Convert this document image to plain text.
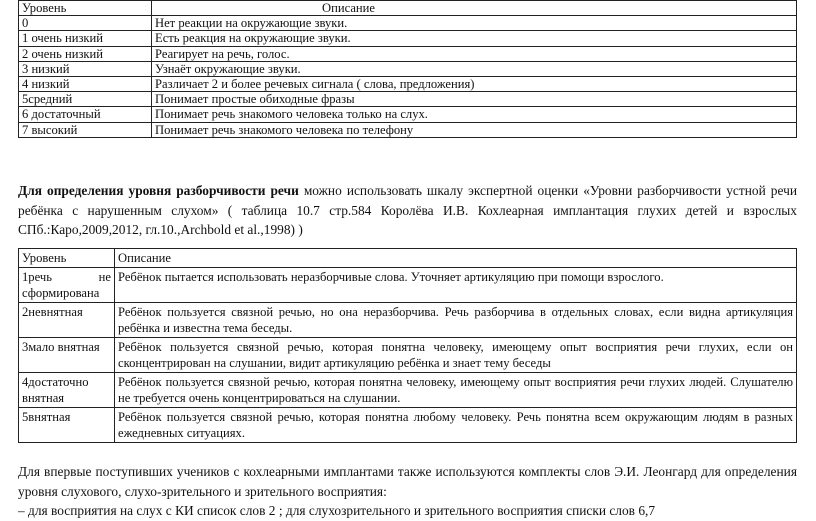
Уровень	Описание
0	Нет реакции на окружающие звуки.
1 очень низкий	Есть реакция на окружающие звуки.
2 очень низкий	Реагирует на речь, голос.
3 низкий	Узнаёт окружающие звуки.
4 низкий	Различает 2 и более речевых сигнала ( слова, предложения)
5средний	Понимает простые обиходные фразы
6 достаточный	Понимает речь знакомого человека только на слух.
7 высокий	Понимает речь знакомого человека по телефону
Для определения уровня разборчивости речи можно использовать шкалу экспертной оценки «Уровни разборчивости устной речи ребёнка с нарушенным слухом» ( таблица 10.7 стр.584 Королёва И.В. Кохлеарная имплантация глухих детей и взрослых СПб.:Каро,2009,2012, гл.10.,Archbold et al.,1998) )
Уровень	Описание

1речь не
сформирована	Ребёнок пытается использовать неразборчивые слова. Уточняет артикуляцию при помощи взрослого.
2невнятная	Ребёнок пользуется связной речью, но она неразборчива. Речь разборчива в отдельных словах, если видна артикуляция ребёнка и известна тема беседы.
3мало внятная	Ребёнок пользуется связной речью, которая понятна человеку, имеющему опыт восприятия речи глухих, если он сконцентрирован на слушании, видит артикуляцию ребёнка и знает тему беседы
4достаточно внятная	Ребёнок пользуется связной речью, которая понятна человеку, имеющему опыт восприятия речи глухих людей. Слушателю не требуется очень концентрироваться на слушании.
5внятная	Ребёнок пользуется связной речью, которая понятна любому человеку. Речь понятна всем окружающим людям в разных ежедневных ситуациях.
Для впервые поступивших учеников с кохлеарными имплантами также используются комплекты слов Э.И. Леонгард для определения уровня слухового, слухо-зрительного и зрительного восприятия:
– для восприятия на слух с КИ список слов 2 ; для слухозрительного и зрительного восприятия списки слов 6,7
